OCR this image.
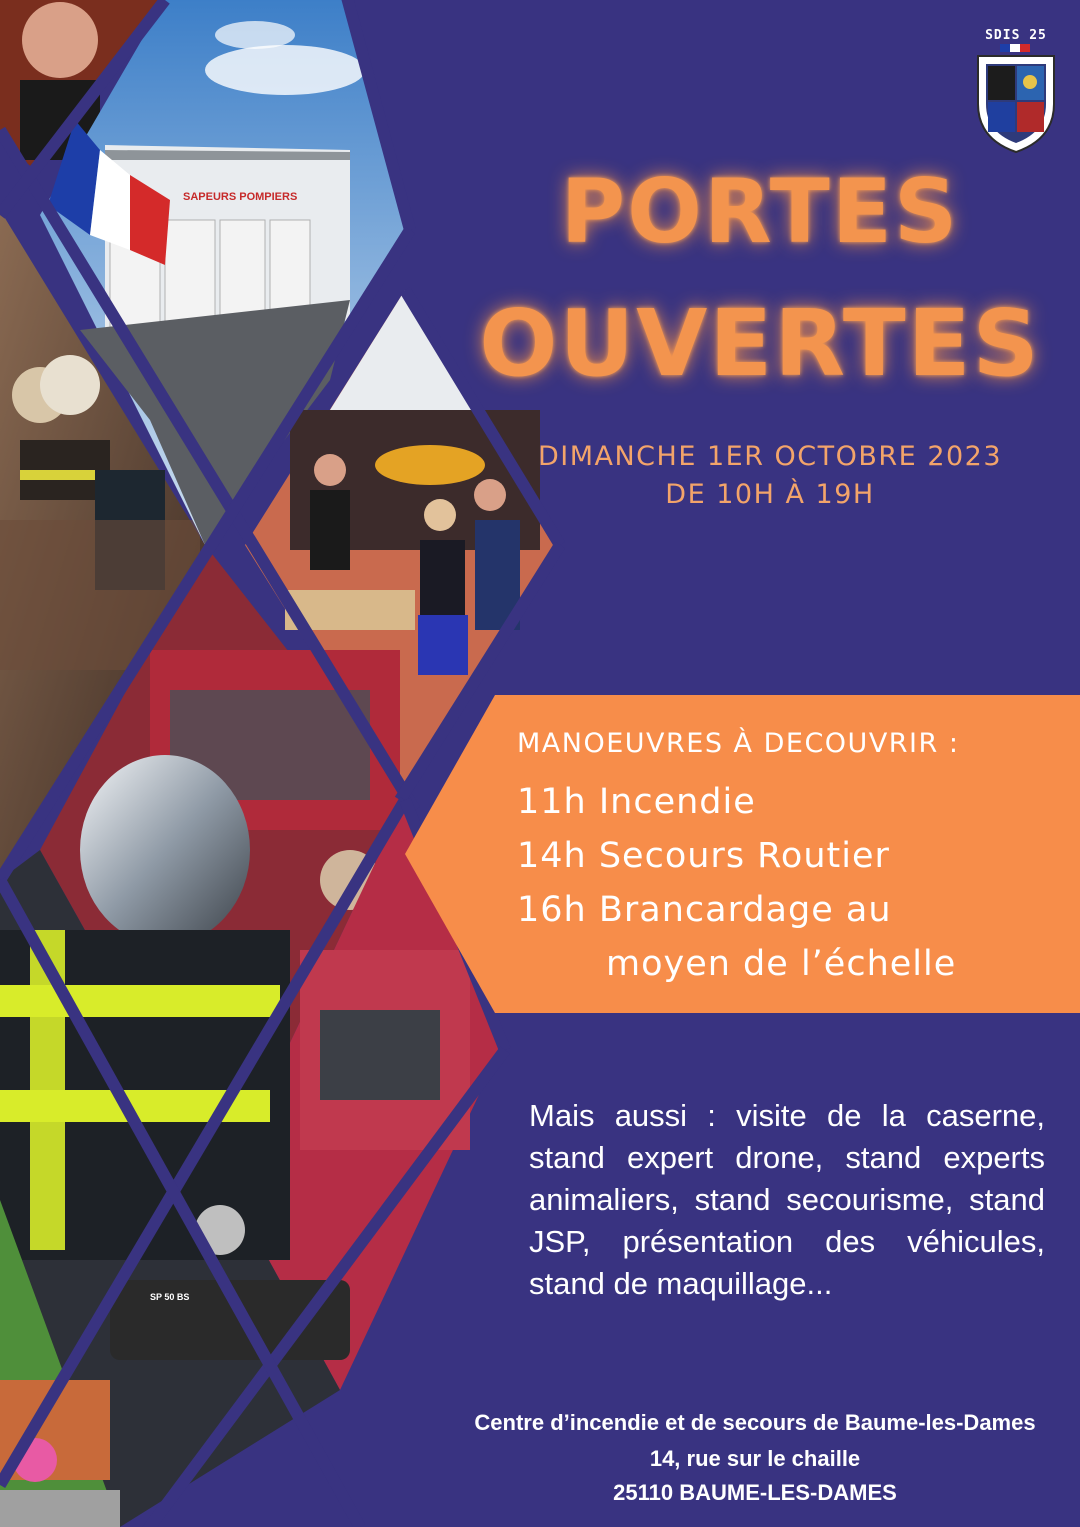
SAPEURS POMPIERS
SP 50 BS
SDIS 25
PORTES
OUVERTES
DIMANCHE 1ER OCTOBRE 2023
DE 10H À 19H
MANOEUVRES À DECOUVRIR :
11h Incendie
14h Secours Routier
16h Brancardage au
moyen de l’échelle
Mais aussi : visite de la caserne, stand expert drone, stand experts animaliers, stand secourisme, stand JSP, présentation des véhicules, stand de maquillage...
Centre d’incendie et de secours de Baume-les-Dames
14, rue sur le chaille
25110 BAUME-LES-DAMES
